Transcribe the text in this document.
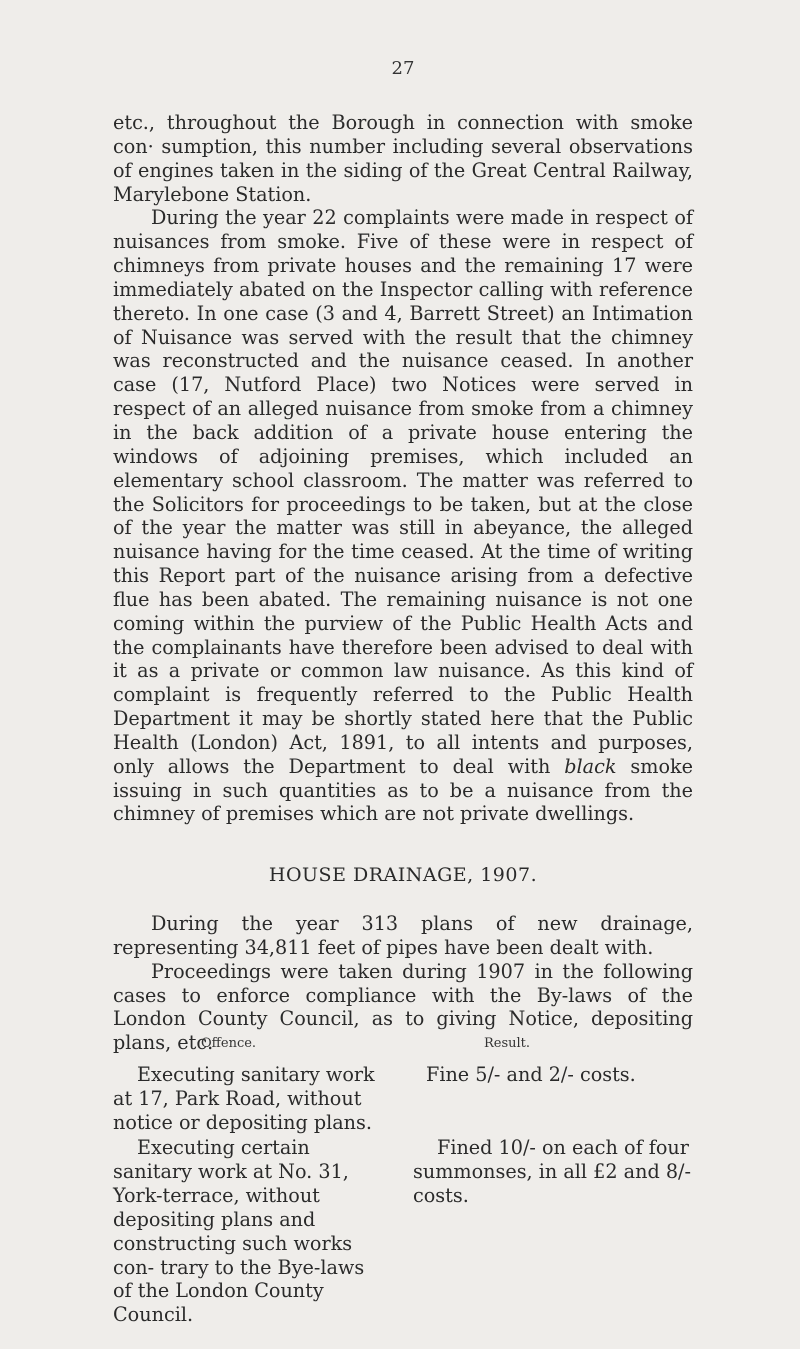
27

etc., throughout the Borough in connection with smoke con· sumption, this number including several observations of engines taken in the siding of the Great Central Railway, Marylebone Station.

During the year 22 complaints were made in respect of nuisances from smoke. Five of these were in respect of chimneys from private houses and the remaining 17 were immediately abated on the Inspector calling with reference thereto. In one case (3 and 4, Barrett Street) an Intimation of Nuisance was served with the result that the chimney was reconstructed and the nuisance ceased. In another case (17, Nutford Place) two Notices were served in respect of an alleged nuisance from smoke from a chimney in the back addition of a private house entering the windows of adjoining premises, which included an elementary school classroom. The matter was referred to the Solicitors for proceedings to be taken, but at the close of the year the matter was still in abeyance, the alleged nuisance having for the time ceased. At the time of writing this Report part of the nuisance arising from a defective flue has been abated. The remaining nuisance is not one coming within the purview of the Public Health Acts and the complainants have therefore been advised to deal with it as a private or common law nuisance. As this kind of complaint is frequently referred to the Public Health Department it may be shortly stated here that the Public Health (London) Act, 1891, to all intents and purposes, only allows the Department to deal with black smoke issuing in such quantities as to be a nuisance from the chimney of premises which are not private dwellings.

HOUSE DRAINAGE, 1907.

During the year 313 plans of new drainage, representing 34,811 feet of pipes have been dealt with.

Proceedings were taken during 1907 in the following cases to enforce compliance with the By-laws of the London County Council, as to giving Notice, depositing plans, etc.

Offence.	Result.
Executing sanitary work at 17, Park Road, without notice or depositing plans.
Fine 5/- and 2/- costs.
Executing certain sanitary work at No. 31, York-terrace, without depositing plans and constructing such works con- trary to the Bye-laws of the London County Council.
Fined 10/- on each of four summonses, in all £2 and 8/- costs.
